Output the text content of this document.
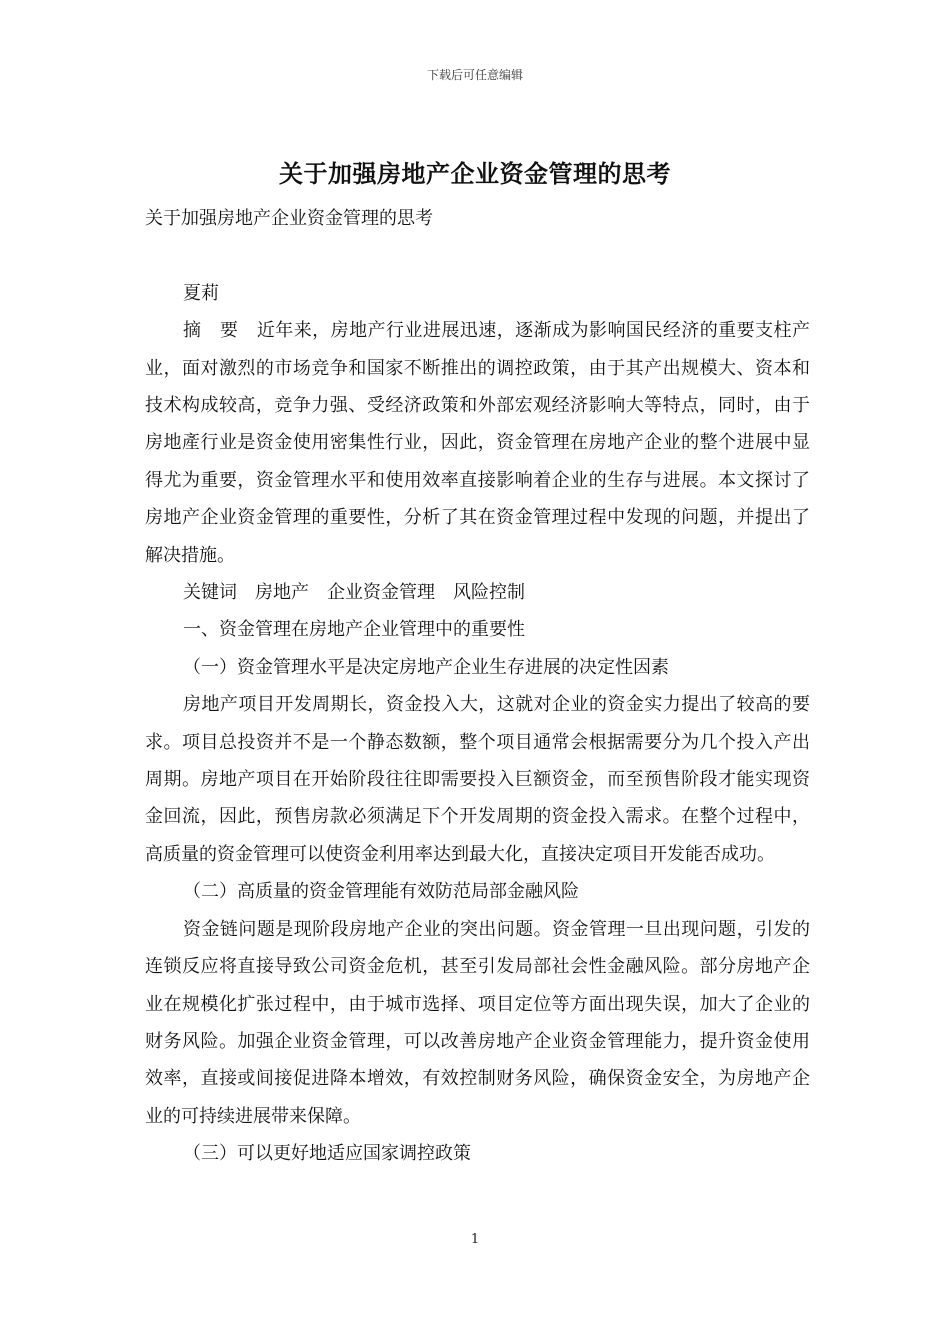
下载后可任意编辑
关于加强房地产企业资金管理的思考

关于加强房地产企业资金管理的思考

夏莉

摘　要　近年来，房地产行业进展迅速，逐渐成为影响国民经济的重要支柱产业，面对激烈的市场竞争和国家不断推出的调控政策，由于其产出规模大、资本和技术构成较高，竞争力强、受经济政策和外部宏观经济影响大等特点，同时，由于房地產行业是资金使用密集性行业，因此，资金管理在房地产企业的整个进展中显得尤为重要，资金管理水平和使用效率直接影响着企业的生存与进展。本文探讨了房地产企业资金管理的重要性，分析了其在资金管理过程中发现的问题，并提出了解决措施。

关键词　房地产　企业资金管理　风险控制

一、资金管理在房地产企业管理中的重要性

（一）资金管理水平是决定房地产企业生存进展的决定性因素

房地产项目开发周期长，资金投入大，这就对企业的资金实力提出了较高的要求。项目总投资并不是一个静态数额，整个项目通常会根据需要分为几个投入产出周期。房地产项目在开始阶段往往即需要投入巨额资金，而至预售阶段才能实现资金回流，因此，预售房款必须满足下个开发周期的资金投入需求。在整个过程中，高质量的资金管理可以使资金利用率达到最大化，直接决定项目开发能否成功。

（二）高质量的资金管理能有效防范局部金融风险

资金链问题是现阶段房地产企业的突出问题。资金管理一旦出现问题，引发的连锁反应将直接导致公司资金危机，甚至引发局部社会性金融风险。部分房地产企业在规模化扩张过程中，由于城市选择、项目定位等方面出现失误，加大了企业的财务风险。加强企业资金管理，可以改善房地产企业资金管理能力，提升资金使用效率，直接或间接促进降本增效，有效控制财务风险，确保资金安全，为房地产企业的可持续进展带来保障。

（三）可以更好地适应国家调控政策

1
